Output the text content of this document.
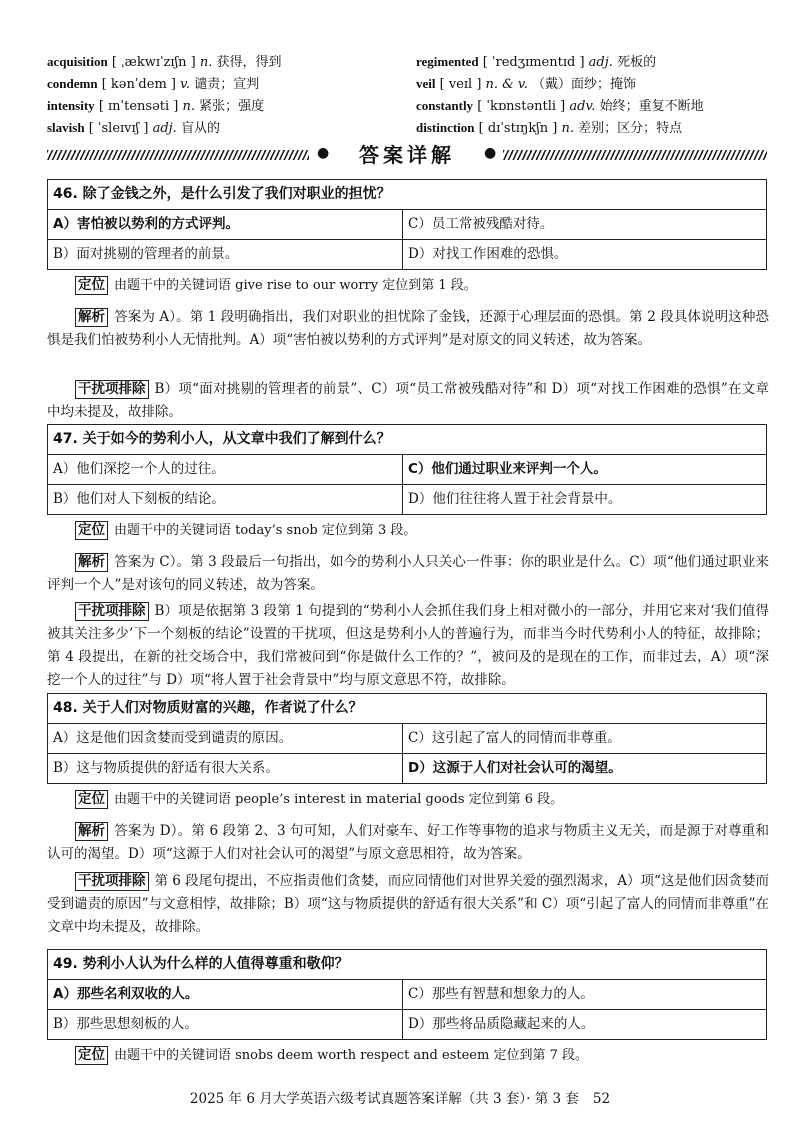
acquisition [ ˌækwɪˈzɪʃn ] n. 获得，得到	regimented [ ˈredʒɪmentɪd ] adj. 死板的
condemn [ kənˈdem ] v. 谴责；宣判	veil [ veɪl ] n. & v. （戴）面纱；掩饰
intensity [ ɪnˈtensəti ] n. 紧张；强度	constantly [ ˈkɒnstəntli ] adv. 始终；重复不断地
slavish [ ˈsleɪvɪʃ ] adj. 盲从的	distinction [ dɪˈstɪŋkʃn ] n. 差别；区分；特点
●	答案详解	●
46. 除了金钱之外，是什么引发了我们对职业的担忧？
A）害怕被以势利的方式评判。	C）员工常被残酷对待。
B）面对挑剔的管理者的前景。	D）对找工作困难的恐惧。
定位 由题干中的关键词语 give rise to our worry 定位到第 1 段。
解析 答案为 A）。第 1 段明确指出，我们对职业的担忧除了金钱，还源于心理层面的恐惧。第 2 段具体说明这种恐惧是我们怕被势利小人无情批判。A）项“害怕被以势利的方式评判”是对原文的同义转述，故为答案。
干扰项排除 B）项“面对挑剔的管理者的前景”、C）项“员工常被残酷对待”和 D）项“对找工作困难的恐惧”在文章中均未提及，故排除。
47. 关于如今的势利小人，从文章中我们了解到什么？
A）他们深挖一个人的过往。	C）他们通过职业来评判一个人。
B）他们对人下刻板的结论。	D）他们往往将人置于社会背景中。
定位 由题干中的关键词语 today’s snob 定位到第 3 段。
解析 答案为 C）。第 3 段最后一句指出，如今的势利小人只关心一件事：你的职业是什么。C）项“他们通过职业来评判一个人”是对该句的同义转述，故为答案。
干扰项排除 B）项是依据第 3 段第 1 句提到的“势利小人会抓住我们身上相对微小的一部分，并用它来对‘我们值得被其关注多少’下一个刻板的结论”设置的干扰项，但这是势利小人的普遍行为，而非当今时代势利小人的特征，故排除；第 4 段提出，在新的社交场合中，我们常被问到“你是做什么工作的？”，被问及的是现在的工作，而非过去，A）项“深挖一个人的过往”与 D）项“将人置于社会背景中”均与原文意思不符，故排除。
48. 关于人们对物质财富的兴趣，作者说了什么？
A）这是他们因贪婪而受到谴责的原因。	C）这引起了富人的同情而非尊重。
B）这与物质提供的舒适有很大关系。	D）这源于人们对社会认可的渴望。
定位 由题干中的关键词语 people’s interest in material goods 定位到第 6 段。
解析 答案为 D）。第 6 段第 2、3 句可知，人们对豪车、好工作等事物的追求与物质主义无关，而是源于对尊重和认可的渴望。D）项“这源于人们对社会认可的渴望”与原文意思相符，故为答案。
干扰项排除 第 6 段尾句提出，不应指责他们贪婪，而应同情他们对世界关爱的强烈渴求，A）项“这是他们因贪婪而受到谴责的原因”与文意相悖，故排除；B）项“这与物质提供的舒适有很大关系”和 C）项“引起了富人的同情而非尊重”在文章中均未提及，故排除。
49. 势利小人认为什么样的人值得尊重和敬仰？
A）那些名利双收的人。	C）那些有智慧和想象力的人。
B）那些思想刻板的人。	D）那些将品质隐藏起来的人。
定位 由题干中的关键词语 snobs deem worth respect and esteem 定位到第 7 段。
2025 年 6 月大学英语六级考试真题答案详解（共 3 套）· 第 3 套 52
